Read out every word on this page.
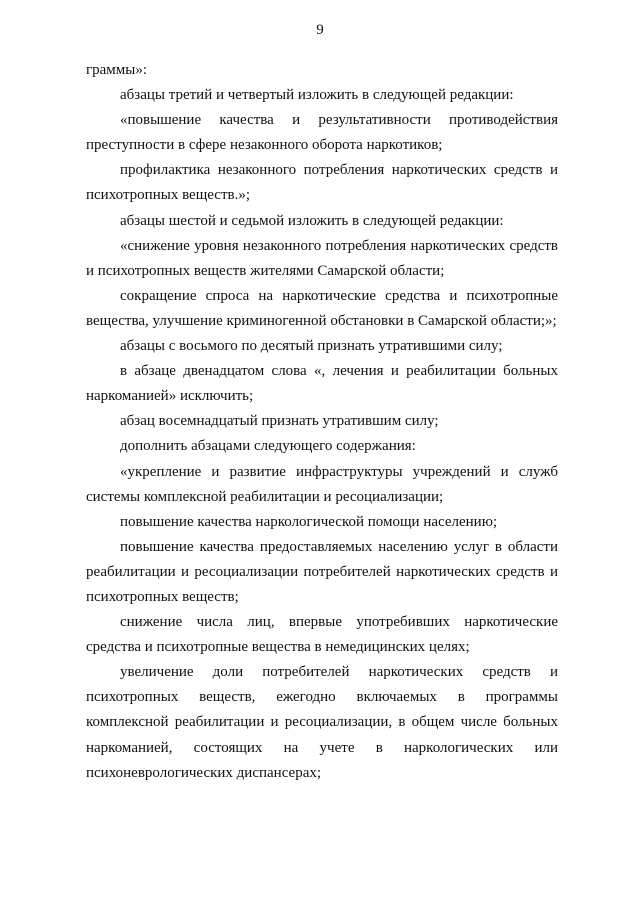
9

граммы»:

абзацы третий и четвертый изложить в следующей редакции:

«повышение качества и результативности противодействия преступности в сфере незаконного оборота наркотиков;

профилактика незаконного потребления наркотических средств и психотропных веществ.»;

абзацы шестой и седьмой изложить в следующей редакции:

«снижение уровня незаконного потребления наркотических средств и психотропных веществ жителями Самарской области;

сокращение спроса на наркотические средства и психотропные вещества, улучшение криминогенной обстановки в Самарской области;»;

абзацы с восьмого по десятый признать утратившими силу;

в абзаце двенадцатом слова «, лечения и реабилитации больных наркоманией» исключить;

абзац восемнадцатый признать утратившим силу;

дополнить абзацами следующего содержания:

«укрепление и развитие инфраструктуры учреждений и служб системы комплексной реабилитации и ресоциализации;

повышение качества наркологической помощи населению;

повышение качества предоставляемых населению услуг в области реабилитации и ресоциализации потребителей наркотических средств и психотропных веществ;

снижение числа лиц, впервые употребивших наркотические средства и психотропные вещества в немедицинских целях;

увеличение доли потребителей наркотических средств и психотропных веществ, ежегодно включаемых в программы комплексной реабилитации и ресоциализации, в общем числе больных наркоманией, состоящих на учете в наркологических или психоневрологических диспансерах;
